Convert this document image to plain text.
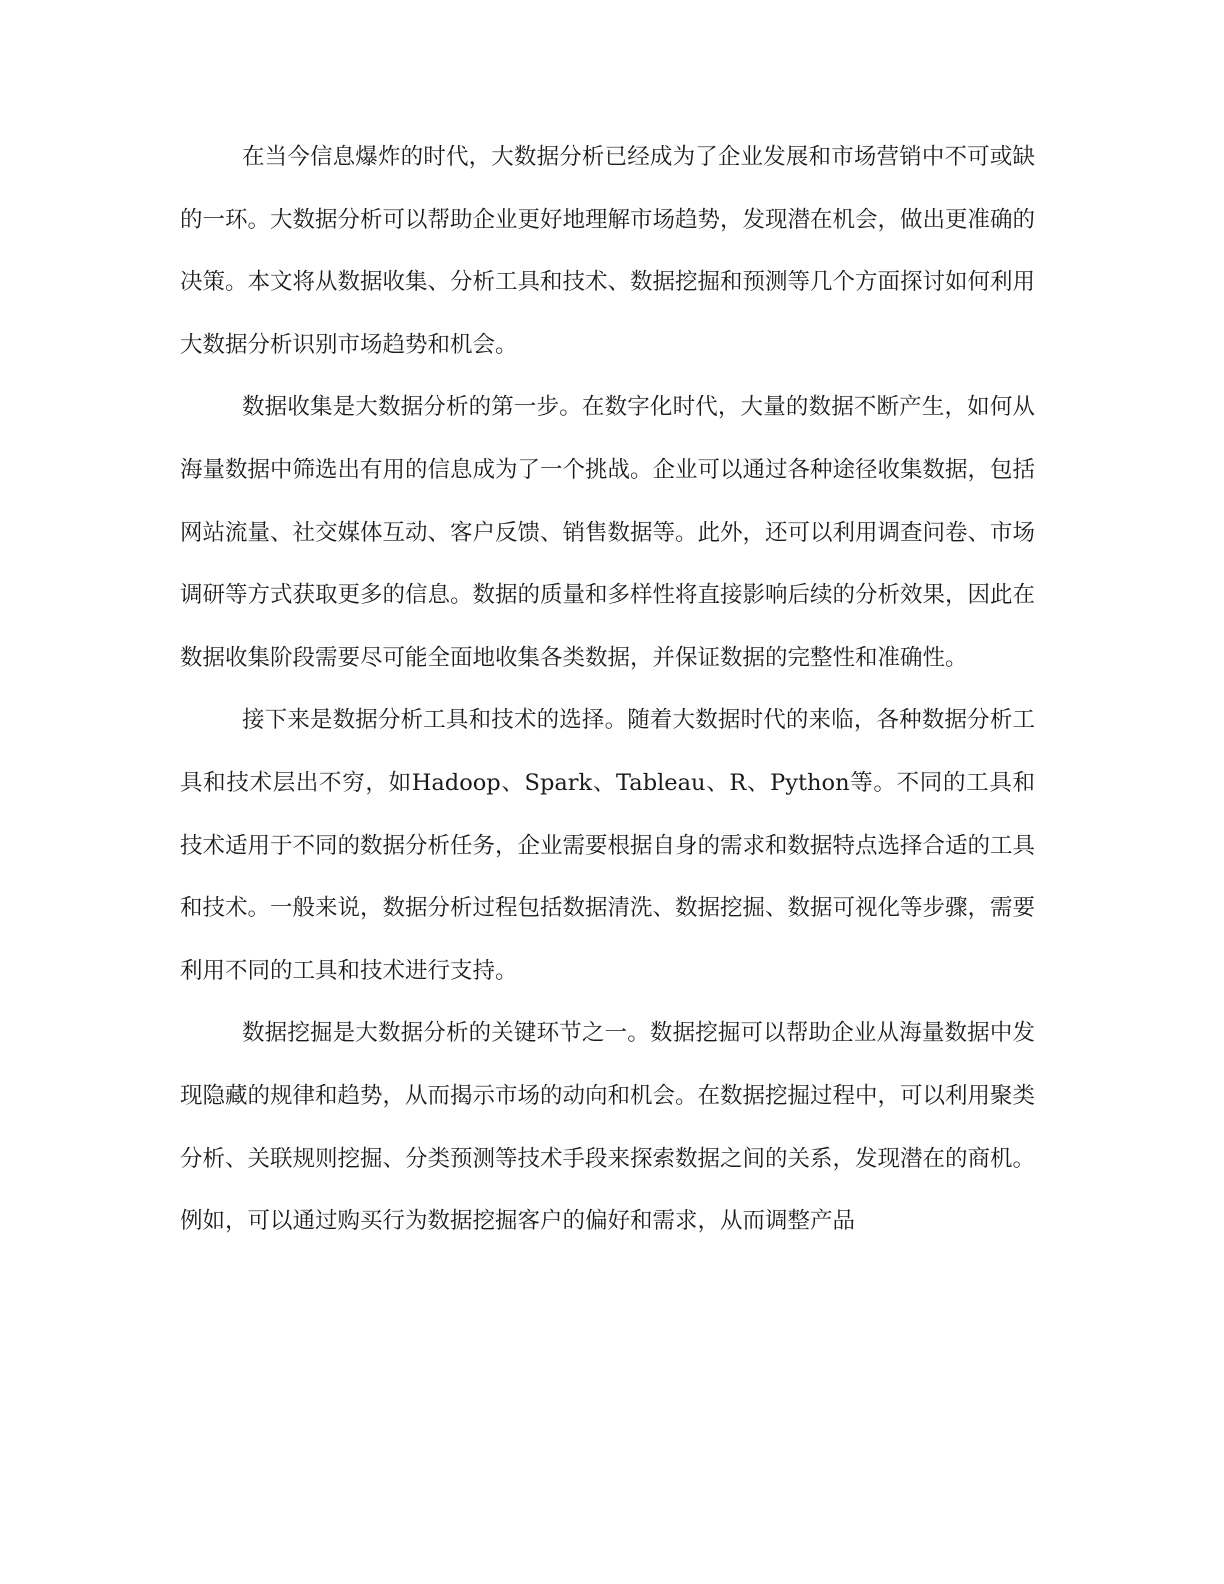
在当今信息爆炸的时代，大数据分析已经成为了企业发展和市场营销中不可或缺的一环。大数据分析可以帮助企业更好地理解市场趋势，发现潜在机会，做出更准确的决策。本文将从数据收集、分析工具和技术、数据挖掘和预测等几个方面探讨如何利用大数据分析识别市场趋势和机会。

数据收集是大数据分析的第一步。在数字化时代，大量的数据不断产生，如何从海量数据中筛选出有用的信息成为了一个挑战。企业可以通过各种途径收集数据，包括网站流量、社交媒体互动、客户反馈、销售数据等。此外，还可以利用调查问卷、市场调研等方式获取更多的信息。数据的质量和多样性将直接影响后续的分析效果，因此在数据收集阶段需要尽可能全面地收集各类数据，并保证数据的完整性和准确性。

接下来是数据分析工具和技术的选择。随着大数据时代的来临，各种数据分析工具和技术层出不穷，如Hadoop、Spark、Tableau、R、Python等。不同的工具和技术适用于不同的数据分析任务，企业需要根据自身的需求和数据特点选择合适的工具和技术。一般来说，数据分析过程包括数据清洗、数据挖掘、数据可视化等步骤，需要利用不同的工具和技术进行支持。

数据挖掘是大数据分析的关键环节之一。数据挖掘可以帮助企业从海量数据中发现隐藏的规律和趋势，从而揭示市场的动向和机会。在数据挖掘过程中，可以利用聚类分析、关联规则挖掘、分类预测等技术手段来探索数据之间的关系，发现潜在的商机。例如，可以通过购买行为数据挖掘客户的偏好和需求，从而调整产品
